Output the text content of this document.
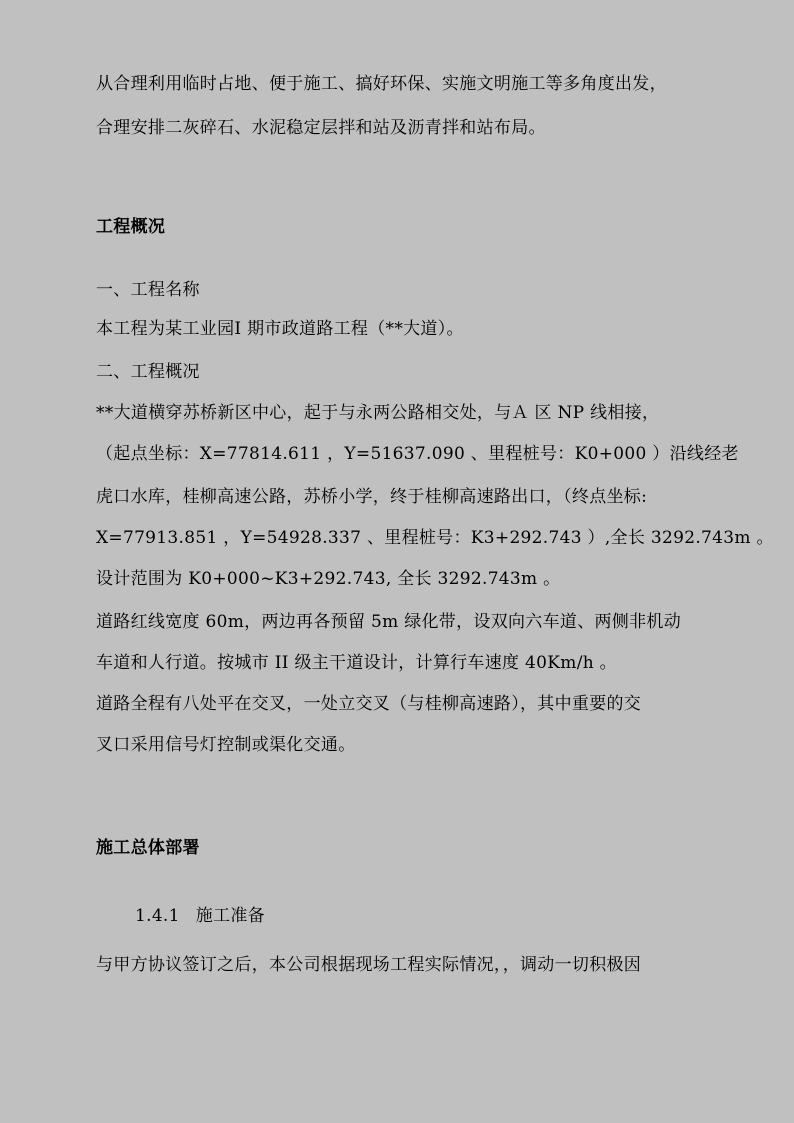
从合理利用临时占地、便于施工、搞好环保、实施文明施工等多角度出发，
合理安排二灰碎石、水泥稳定层拌和站及沥青拌和站布局。
工程概况
一、工程名称
本工程为某工业园Ⅰ 期市政道路工程（**大道）。
二、工程概况
**大道横穿苏桥新区中心，起于与永两公路相交处，与Ａ 区 NP 线相接，
（起点坐标：X=77814.611 ，Y=51637.090 、里程桩号：K0+000 ）沿线经老
虎口水库，桂柳高速公路，苏桥小学，终于桂柳高速路出口，（终点坐标:
X=77913.851 ，Y=54928.337 、里程桩号：K3+292.743 ）,全长 3292.743m 。
设计范围为 K0+000~K3+292.743, 全长 3292.743m 。
道路红线宽度 60m，两边再各预留 5m 绿化带，设双向六车道、两侧非机动
车道和人行道。按城市 II 级主干道设计，计算行车速度 40Km/h 。
道路全程有八处平在交叉，一处立交叉（与桂柳高速路），其中重要的交
叉口采用信号灯控制或渠化交通。
施工总体部署
1.4.1 施工准备
与甲方协议签订之后，本公司根据现场工程实际情况，，调动一切积极因
